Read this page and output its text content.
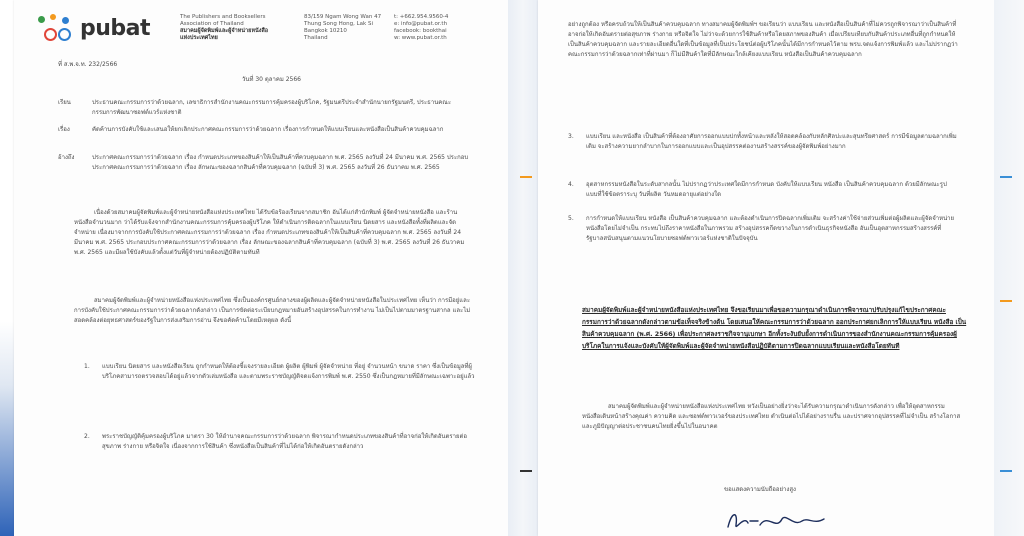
pubat	The Publishers and Booksellers

Association of Thailand

สมาคมผู้จัดพิมพ์และผู้จำหน่ายหนังสือ

แห่งประเทศไทย

83/159 Ngam Wong Wan 47

Thung Song Hong, Lak Si

Bangkok 10210

Thailand

t: +662.954.9560-4

e: info@pubat.or.th

facebook: bookthai

w: www.pubat.or.th

ที่ ส.พ.จ.ท. 232/2566

วันที่ 30 ตุลาคม 2566

เรียน	ประธานคณะกรรมการว่าด้วยฉลาก, เลขาธิการสำนักงานคณะกรรมการคุ้มครองผู้บริโภค, รัฐมนตรีประจำสำนักนายกรัฐมนตรี, ประธานคณะกรรมการพัฒนาซอฟต์แวร์แห่งชาติ

เรื่อง	คัดค้านการบังคับใช้และเสนอให้ยกเลิกประกาศคณะกรรมการว่าด้วยฉลาก เรื่องการกำหนดให้แบบเรียนและหนังสือเป็นสินค้าควบคุมฉลาก

อ้างถึง	ประกาศคณะกรรมการว่าด้วยฉลาก เรื่อง กำหนดประเภทของสินค้าให้เป็นสินค้าที่ควบคุมฉลาก พ.ศ. 2565 ลงวันที่ 24 มีนาคม พ.ศ. 2565 ประกอบประกาศคณะกรรมการว่าด้วยฉลาก เรื่อง ลักษณะของฉลากสินค้าที่ควบคุมฉลาก (ฉบับที่ 3) พ.ศ. 2565 ลงวันที่ 26 ธันวาคม พ.ศ. 2565

เนื่องด้วยสมาคมผู้จัดพิมพ์และผู้จำหน่ายหนังสือแห่งประเทศไทย ได้รับข้อร้องเรียนจากสมาชิก อันได้แก่สำนักพิมพ์ ผู้จัดจำหน่ายหนังสือ และร้านหนังสือจำนวนมาก ว่าได้รับแจ้งจากสำนักงานคณะกรรมการคุ้มครองผู้บริโภค ให้ดำเนินการติดฉลากในแบบเรียน นิตยสาร และหนังสือทั้งที่ผลิตและจัดจำหน่าย เนื่องมาจากการบังคับใช้ประกาศคณะกรรมการว่าด้วยฉลาก เรื่อง กำหนดประเภทของสินค้าให้เป็นสินค้าที่ควบคุมฉลาก พ.ศ. 2565 ลงวันที่ 24 มีนาคม พ.ศ. 2565 ประกอบประกาศคณะกรรมการว่าด้วยฉลาก เรื่อง ลักษณะของฉลากสินค้าที่ควบคุมฉลาก (ฉบับที่ 3) พ.ศ. 2565 ลงวันที่ 26 ธันวาคม พ.ศ. 2565 และมีผลใช้บังคับแล้วตั้งแต่วันที่ผู้จำหน่ายต้องปฏิบัติตามทันที

สมาคมผู้จัดพิมพ์และผู้จำหน่ายหนังสือแห่งประเทศไทย ซึ่งเป็นองค์กรศูนย์กลางของผู้ผลิตและผู้จัดจำหน่ายหนังสือในประเทศไทย เห็นว่า การมีอยู่และการบังคับใช้ประกาศคณะกรรมการว่าด้วยฉลากดังกล่าว เป็นการขัดต่อระเบียบกฎหมายอันสร้างอุปสรรคในการทำงาน ไม่เป็นไปตามมาตรฐานสากล และไม่สอดคล้องต่อยุทธศาสตร์ของรัฐในการส่งเสริมการอ่าน จึงขอคัดค้านโดยมีเหตุผล ดังนี้

1. แบบเรียน นิตยสาร และหนังสือเรียน ถูกกำหนดให้ต้องชี้แจงรายละเอียด ผู้ผลิต ผู้พิมพ์ ผู้จัดจำหน่าย ที่อยู่ จำนวนหน้า ขนาด ราคา ซึ่งเป็นข้อมูลที่ผู้บริโภคสามารถตรวจสอบได้อยู่แล้วจากตัวเล่มหนังสือ และตามพระราชบัญญัติจดแจ้งการพิมพ์ พ.ศ. 2550 ซึ่งเป็นกฎหมายที่มีลักษณะเฉพาะอยู่แล้ว

2. พระราชบัญญัติคุ้มครองผู้บริโภค มาตรา 30 ให้อำนาจคณะกรรมการว่าด้วยฉลาก พิจารณากำหนดประเภทของสินค้าที่อาจก่อให้เกิดอันตรายต่อสุขภาพ ร่างกาย หรือจิตใจ เนื่องจากการใช้สินค้า ซึ่งหนังสือเป็นสินค้าที่ไม่ได้ก่อให้เกิดอันตรายดังกล่าว

อย่างถูกต้อง หรือครบถ้วนให้เป็นสินค้าควบคุมฉลาก ทางสมาคมผู้จัดพิมพ์ฯ ขอเรียนว่า แบบเรียน และหนังสือเป็นสินค้าที่ไม่ควรถูกพิจารณาว่าเป็นสินค้าที่อาจก่อให้เกิดอันตรายต่อสุขภาพ ร่างกาย หรือจิตใจ ไม่ว่าจะด้วยการใช้สินค้าหรือโดยสภาพของสินค้า เมื่อเปรียบเทียบกับสินค้าประเภทอื่นที่ถูกกำหนดให้เป็นสินค้าควบคุมฉลาก และรายละเอียดอื่นใดที่เป็นข้อมูลที่เป็นประโยชน์ต่อผู้บริโภคนั้นได้มีการกำหนดไว้ตาม พรบ.จดแจ้งการพิมพ์แล้ว และไม่ปรากฏว่าคณะกรรมการว่าด้วยฉลากเท่าที่ผ่านมา ก็ไม่มีสินค้าใดที่มีลักษณะใกล้เคียงแบบเรียน หนังสือเป็นสินค้าควบคุมฉลาก

3. แบบเรียน และหนังสือ เป็นสินค้าที่ต้องอาศัยการออกแบบปกทั้งหน้าและหลังให้สอดคล้องกับหลักศิลปะและสุนทรียศาสตร์ การมีข้อมูลตามฉลากเพิ่มเติม จะสร้างความยากลำบากในการออกแบบและเป็นอุปสรรคต่องานสร้างสรรค์ของผู้จัดพิมพ์อย่างมาก

4. อุตสาหกรรมหนังสือในระดับสากลนั้น ไม่ปรากฏว่าประเทศใดมีการกำหนด บังคับให้แบบเรียน หนังสือ เป็นสินค้าควบคุมฉลาก ด้วยมีลักษณะรูปแบบที่ใช้ข้อตราระบุ วันที่ผลิต วันหมดอายุแต่อย่างใด

5. การกำหนดให้แบบเรียน หนังสือ เป็นสินค้าควบคุมฉลาก และต้องดำเนินการปิดฉลากเพิ่มเติม จะสร้างค่าใช้จ่ายส่วนเพิ่มต่อผู้ผลิตและผู้จัดจำหน่ายหนังสือโดยไม่จำเป็น กระทบไปถึงราคาหนังสือในภาพรวม สร้างอุปสรรคกีดขวางในการดำเนินธุรกิจหนังสือ อันเป็นอุตสาหกรรมสร้างสรรค์ที่รัฐบาลสนับสนุนตามแนวนโยบายซอฟต์พาวเวอร์แห่งชาติในปัจจุบัน

สมาคมผู้จัดพิมพ์และผู้จำหน่ายหนังสือแห่งประเทศไทย จึงขอเรียนมาเพื่อขอความกรุณาดำเนินการพิจารณาปรับปรุงแก้ไขประกาศคณะกรรมการว่าด้วยฉลากดังกล่าวตามข้อเท็จจริงข้างต้น โดยเสนอให้คณะกรรมการว่าด้วยฉลาก ออกประกาศยกเลิกการให้แบบเรียน หนังสือ เป็นสินค้าควบคุมฉลาก (พ.ศ. 2566) เพื่อประกาศลงราชกิจจานุเบกษา อีกทั้งระงับยับยั้งการดำเนินการของสำนักงานคณะกรรมการคุ้มครองผู้บริโภคในการแจ้งและบังคับให้ผู้จัดพิมพ์และผู้จัดจำหน่ายหนังสือปฏิบัติตามการปิดฉลากแบบเรียนและหนังสือโดยทันที

สมาคมผู้จัดพิมพ์และผู้จำหน่ายหนังสือแห่งประเทศไทย หวังเป็นอย่างยิ่งว่าจะได้รับความกรุณาดำเนินการดังกล่าว เพื่อให้อุตสาหกรรมหนังสือเดินหน้าสร้างคุณค่า ความคิด และซอฟต์พาวเวอร์ของประเทศไทย ดำเนินต่อไปได้อย่างราบรื่น และปราศจากอุปสรรคที่ไม่จำเป็น สร้างโอกาสและภูมิปัญญาต่อประชาชนคนไทยยิ่งขึ้นไปในอนาคต

ขอแสดงความนับถืออย่างสูง
